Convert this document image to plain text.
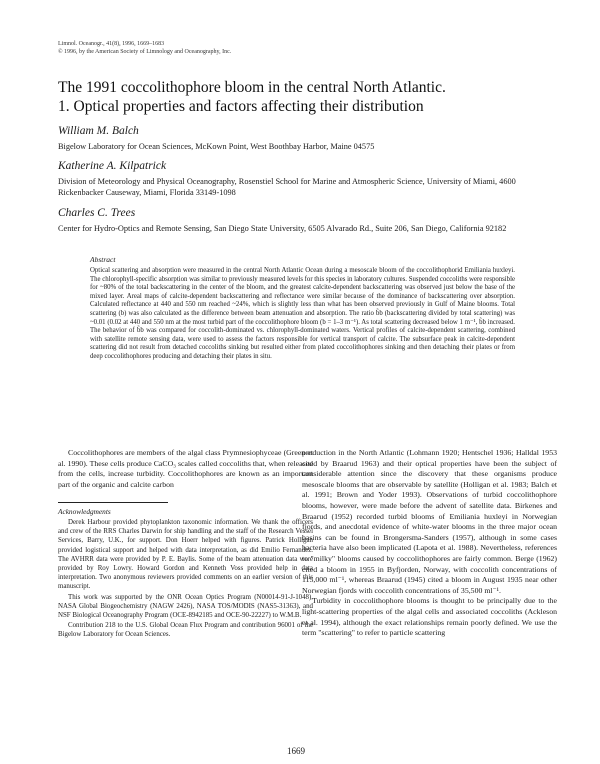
Limnol. Oceanogr., 41(8), 1996, 1669–1683
© 1996, by the American Society of Limnology and Oceanography, Inc.
The 1991 coccolithophore bloom in the central North Atlantic.
1. Optical properties and factors affecting their distribution
William M. Balch
Bigelow Laboratory for Ocean Sciences, McKown Point, West Boothbay Harbor, Maine 04575
Katherine A. Kilpatrick
Division of Meteorology and Physical Oceanography, Rosenstiel School for Marine and Atmospheric Science, University of Miami, 4600 Rickenbacker Causeway, Miami, Florida 33149-1098
Charles C. Trees
Center for Hydro-Optics and Remote Sensing, San Diego State University, 6505 Alvarado Rd., Suite 206, San Diego, California 92182
Abstract
Optical scattering and absorption were measured in the central North Atlantic Ocean during a mesoscale bloom of the coccolithophorid Emiliania huxleyi. The chlorophyll-specific absorption was similar to previously measured levels for this species in laboratory cultures. Suspended coccoliths were responsible for ~80% of the total backscattering in the center of the bloom, and the greatest calcite-dependent backscattering was observed just below the base of the mixed layer. Areal maps of calcite-dependent backscattering and reflectance were similar because of the dominance of backscattering over absorption. Calculated reflectance at 440 and 550 nm reached ~24%, which is slightly less than what has been observed previously in Gulf of Maine blooms. Total scattering (b) was also calculated as the difference between beam attenuation and absorption. The ratio b̃b (backscattering divided by total scattering) was ~0.01 (0.02 at 440 and 550 nm at the most turbid part of the coccolithophore bloom (b = 1–3 m⁻¹). As total scattering decreased below 1 m⁻¹, b̃b increased. The behavior of b̃b was compared for coccolith-dominated vs. chlorophyll-dominated waters. Vertical profiles of calcite-dependent scattering, combined with satellite remote sensing data, were used to assess the factors responsible for vertical transport of calcite. The subsurface peak in calcite-dependent scattering did not result from detached coccoliths sinking but resulted either from plated coccolithophores sinking and then detaching their plates or from deep coccolithophores producing and detaching their plates in situ.

Coccolithophores are members of the algal class Prymnesiophyceae (Green et al. 1990). These cells produce CaCO₃ scales called coccoliths that, when released from the cells, increase turbidity. Coccolithophores are known as an important part of the organic and calcite carbon

Acknowledgments

Derek Harbour provided phytoplankton taxonomic information. We thank the officers and crew of the RRS Charles Darwin for ship handling and the staff of the Research Vessel Services, Barry, U.K., for support. Don Hoerr helped with figures. Patrick Holligan provided logistical support and helped with data interpretation, as did Emilio Fernandez. The AVHRR data were provided by P. E. Baylis. Some of the beam attenuation data were provided by Roy Lowry. Howard Gordon and Kenneth Voss provided help in data interpretation. Two anonymous reviewers provided comments on an earlier version of this manuscript.

This work was supported by the ONR Ocean Optics Program (N00014-91-J-1048), NASA Global Biogeochemistry (NAGW 2426), NASA TOS/MODIS (NAS5-31363), and NSF Biological Oceanography Program (OCE-8942185 and OCE-90-22227) to W.M.B.

Contribution 218 to the U.S. Global Ocean Flux Program and contribution 96001 of the Bigelow Laboratory for Ocean Sciences.

production in the North Atlantic (Lohmann 1920; Hentschel 1936; Halldal 1953 cited by Braarud 1963) and their optical properties have been the subject of considerable attention since the discovery that these organisms produce mesoscale blooms that are observable by satellite (Holligan et al. 1983; Balch et al. 1991; Brown and Yoder 1993). Observations of turbid coccolithophore blooms, however, were made before the advent of satellite data. Birkenes and Braarud (1952) recorded turbid blooms of Emiliania huxleyi in Norwegian fjords, and anecdotal evidence of white-water blooms in the three major ocean basins can be found in Brongersma-Sanders (1957), although in some cases bacteria have also been implicated (Lapota et al. 1988). Nevertheless, references to "milky" blooms caused by coccolithophores are fairly common. Berge (1962) cited a bloom in 1955 in Byfjorden, Norway, with coccolith concentrations of 115,000 ml⁻¹, whereas Braarud (1945) cited a bloom in August 1935 near other Norwegian fjords with coccolith concentrations of 35,500 ml⁻¹.

Turbidity in coccolithophore blooms is thought to be principally due to the light-scattering properties of the algal cells and associated coccoliths (Ackleson et al. 1994), although the exact relationships remain poorly defined. We use the term "scattering" to refer to particle scattering

1669
